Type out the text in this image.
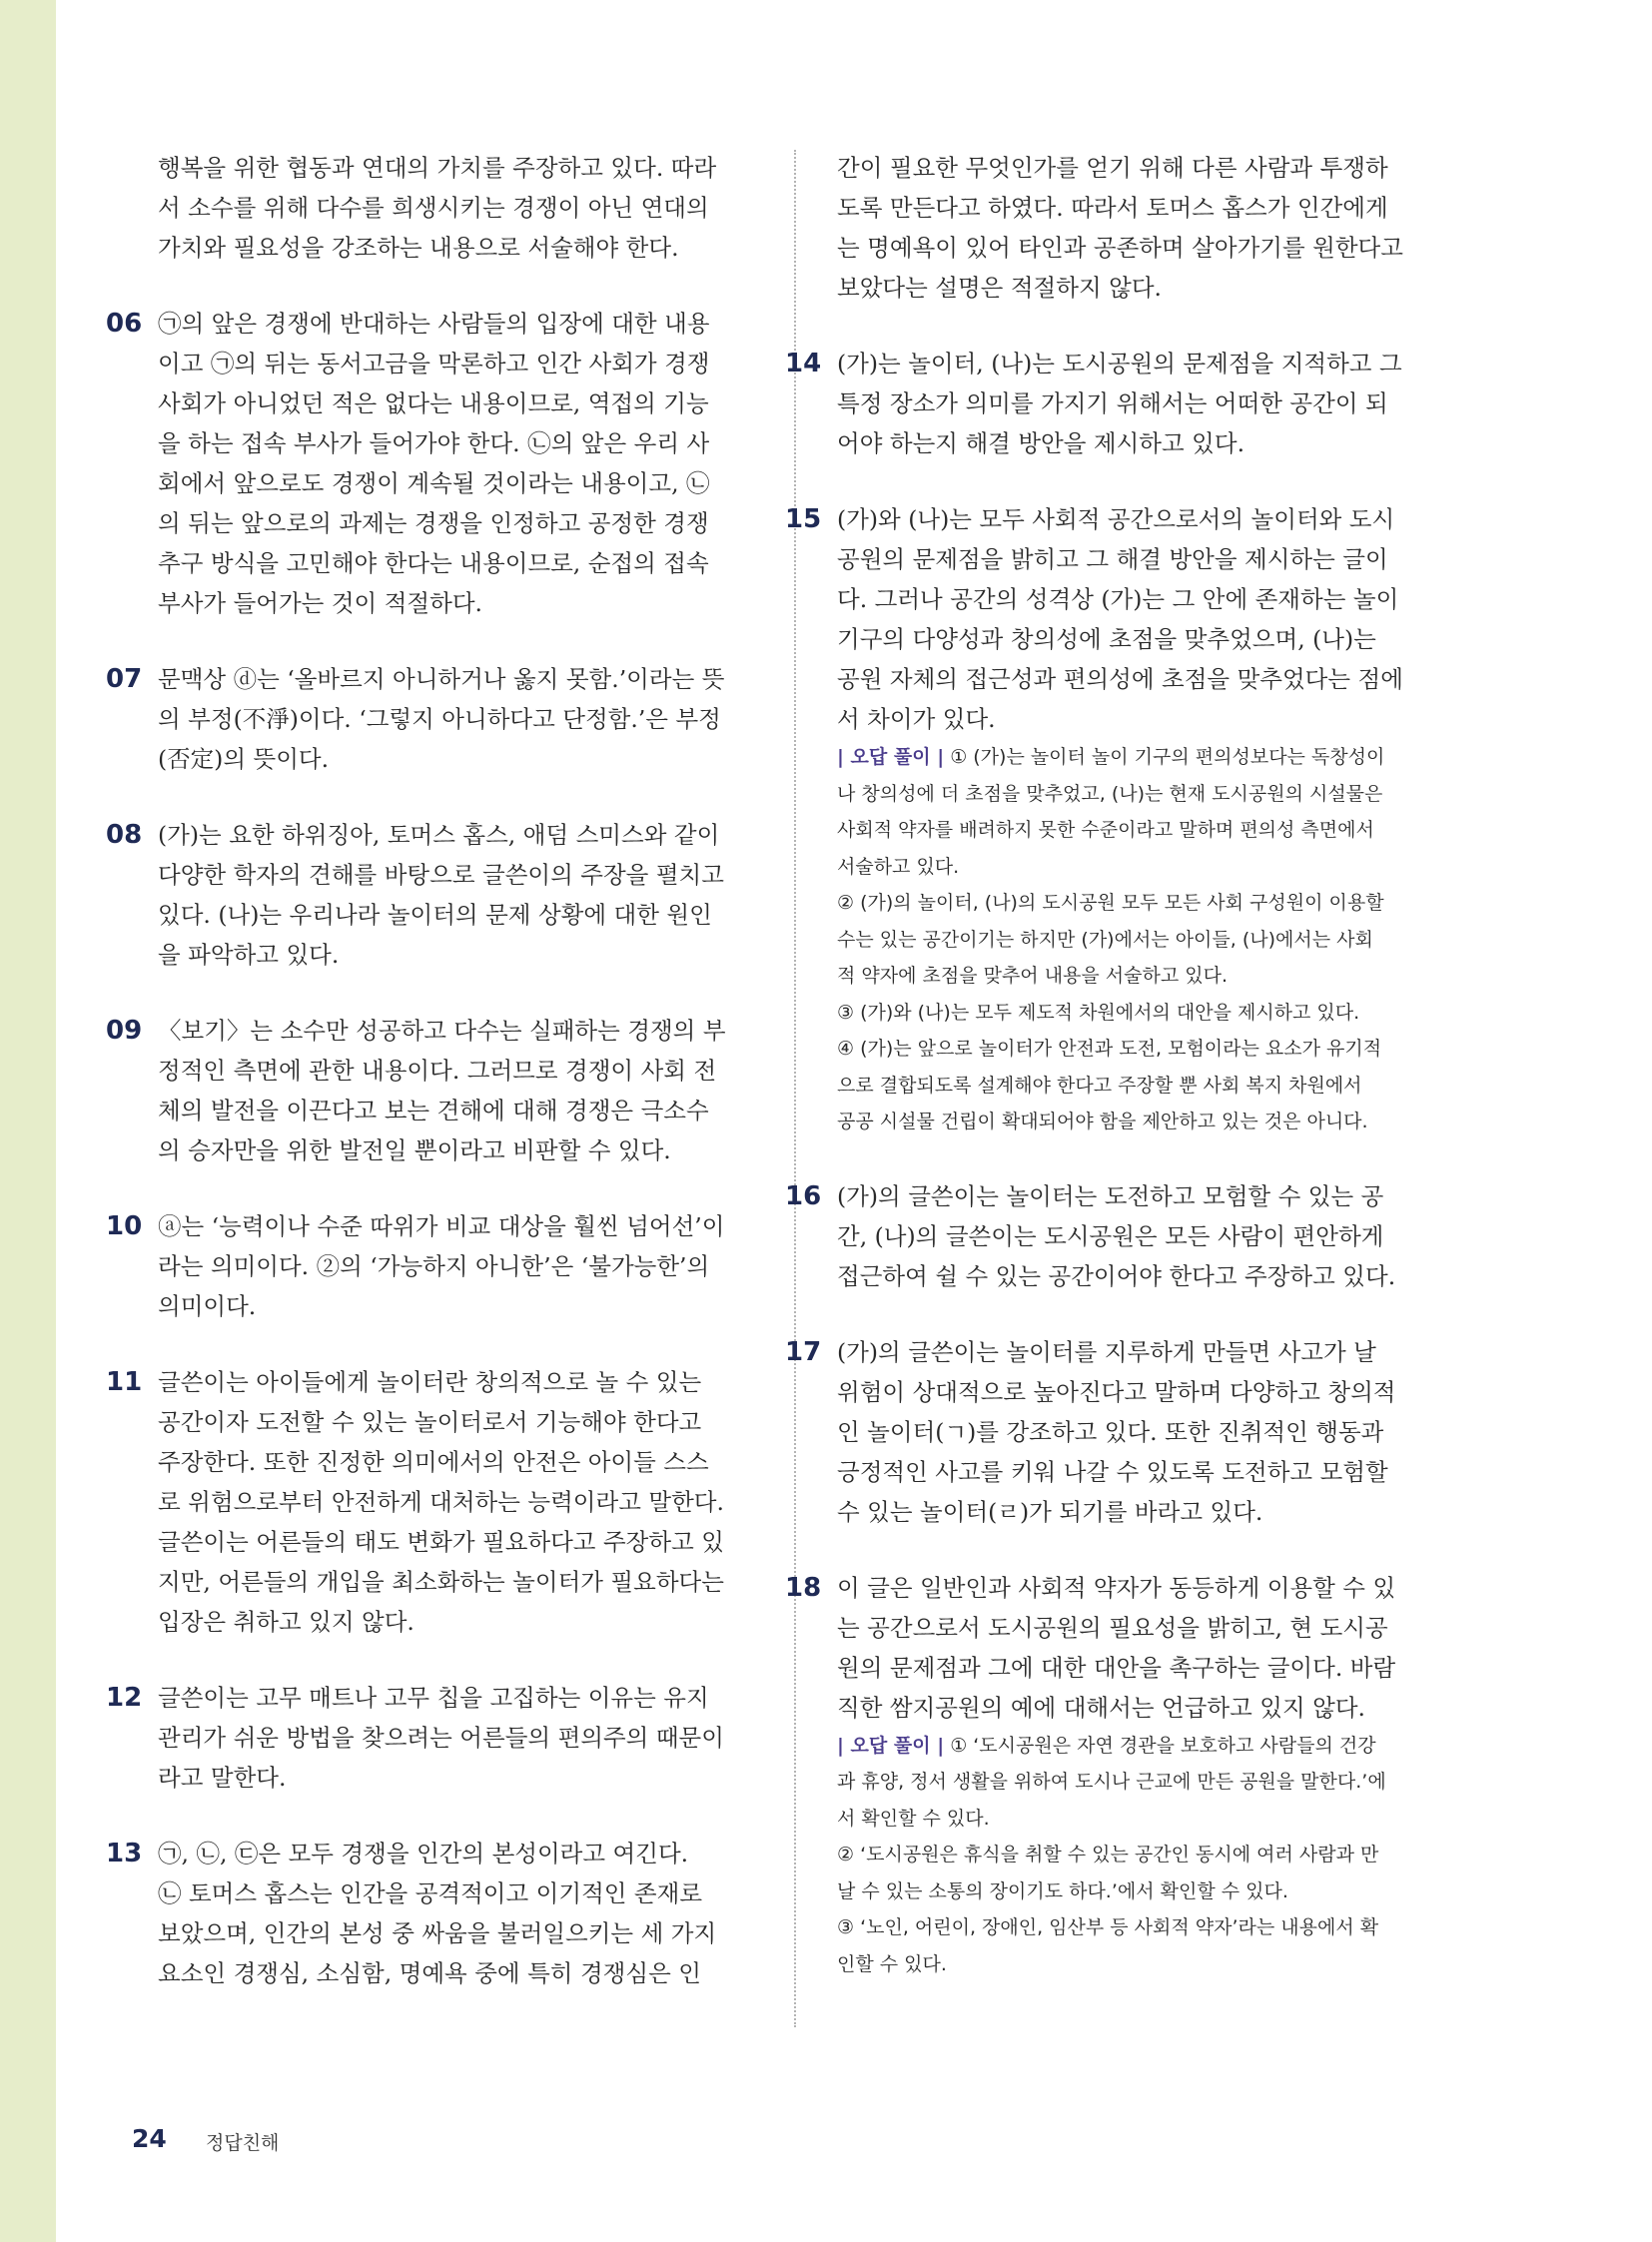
행복을 위한 협동과 연대의 가치를 주장하고 있다. 따라
서 소수를 위해 다수를 희생시키는 경쟁이 아닌 연대의
가치와 필요성을 강조하는 내용으로 서술해야 한다.
06 ㉠의 앞은 경쟁에 반대하는 사람들의 입장에 대한 내용
이고 ㉠의 뒤는 동서고금을 막론하고 인간 사회가 경쟁
사회가 아니었던 적은 없다는 내용이므로, 역접의 기능
을 하는 접속 부사가 들어가야 한다. ㉡의 앞은 우리 사
회에서 앞으로도 경쟁이 계속될 것이라는 내용이고, ㉡
의 뒤는 앞으로의 과제는 경쟁을 인정하고 공정한 경쟁
추구 방식을 고민해야 한다는 내용이므로, 순접의 접속
부사가 들어가는 것이 적절하다.
07 문맥상 ⓓ는 ‘올바르지 아니하거나 옳지 못함.’이라는 뜻
의 부정(不淨)이다. ‘그렇지 아니하다고 단정함.’은 부정
(否定)의 뜻이다.
08 (가)는 요한 하위징아, 토머스 홉스, 애덤 스미스와 같이
다양한 학자의 견해를 바탕으로 글쓴이의 주장을 펼치고
있다. (나)는 우리나라 놀이터의 문제 상황에 대한 원인
을 파악하고 있다.
09 〈보기〉는 소수만 성공하고 다수는 실패하는 경쟁의 부
정적인 측면에 관한 내용이다. 그러므로 경쟁이 사회 전
체의 발전을 이끈다고 보는 견해에 대해 경쟁은 극소수
의 승자만을 위한 발전일 뿐이라고 비판할 수 있다.
10 ⓐ는 ‘능력이나 수준 따위가 비교 대상을 훨씬 넘어선’이
라는 의미이다. ②의 ‘가능하지 아니한’은 ‘불가능한’의
의미이다.
11 글쓴이는 아이들에게 놀이터란 창의적으로 놀 수 있는
공간이자 도전할 수 있는 놀이터로서 기능해야 한다고
주장한다. 또한 진정한 의미에서의 안전은 아이들 스스
로 위험으로부터 안전하게 대처하는 능력이라고 말한다.
글쓴이는 어른들의 태도 변화가 필요하다고 주장하고 있
지만, 어른들의 개입을 최소화하는 놀이터가 필요하다는
입장은 취하고 있지 않다.
12 글쓴이는 고무 매트나 고무 칩을 고집하는 이유는 유지
관리가 쉬운 방법을 찾으려는 어른들의 편의주의 때문이
라고 말한다.
13 ㉠, ㉡, ㉢은 모두 경쟁을 인간의 본성이라고 여긴다.
㉡ 토머스 홉스는 인간을 공격적이고 이기적인 존재로
보았으며, 인간의 본성 중 싸움을 불러일으키는 세 가지
요소인 경쟁심, 소심함, 명예욕 중에 특히 경쟁심은 인
간이 필요한 무엇인가를 얻기 위해 다른 사람과 투쟁하
도록 만든다고 하였다. 따라서 토머스 홉스가 인간에게
는 명예욕이 있어 타인과 공존하며 살아가기를 원한다고
보았다는 설명은 적절하지 않다.
14 (가)는 놀이터, (나)는 도시공원의 문제점을 지적하고 그
특정 장소가 의미를 가지기 위해서는 어떠한 공간이 되
어야 하는지 해결 방안을 제시하고 있다.
15 (가)와 (나)는 모두 사회적 공간으로서의 놀이터와 도시
공원의 문제점을 밝히고 그 해결 방안을 제시하는 글이
다. 그러나 공간의 성격상 (가)는 그 안에 존재하는 놀이
기구의 다양성과 창의성에 초점을 맞추었으며, (나)는
공원 자체의 접근성과 편의성에 초점을 맞추었다는 점에
서 차이가 있다.
| 오답 풀이 | ① (가)는 놀이터 놀이 기구의 편의성보다는 독창성이
나 창의성에 더 초점을 맞추었고, (나)는 현재 도시공원의 시설물은
사회적 약자를 배려하지 못한 수준이라고 말하며 편의성 측면에서
서술하고 있다.
② (가)의 놀이터, (나)의 도시공원 모두 모든 사회 구성원이 이용할
수는 있는 공간이기는 하지만 (가)에서는 아이들, (나)에서는 사회
적 약자에 초점을 맞추어 내용을 서술하고 있다.
③ (가)와 (나)는 모두 제도적 차원에서의 대안을 제시하고 있다.
④ (가)는 앞으로 놀이터가 안전과 도전, 모험이라는 요소가 유기적
으로 결합되도록 설계해야 한다고 주장할 뿐 사회 복지 차원에서
공공 시설물 건립이 확대되어야 함을 제안하고 있는 것은 아니다.
16 (가)의 글쓴이는 놀이터는 도전하고 모험할 수 있는 공
간, (나)의 글쓴이는 도시공원은 모든 사람이 편안하게
접근하여 쉴 수 있는 공간이어야 한다고 주장하고 있다.
17 (가)의 글쓴이는 놀이터를 지루하게 만들면 사고가 날
위험이 상대적으로 높아진다고 말하며 다양하고 창의적
인 놀이터(ㄱ)를 강조하고 있다. 또한 진취적인 행동과
긍정적인 사고를 키워 나갈 수 있도록 도전하고 모험할
수 있는 놀이터(ㄹ)가 되기를 바라고 있다.
18 이 글은 일반인과 사회적 약자가 동등하게 이용할 수 있
는 공간으로서 도시공원의 필요성을 밝히고, 현 도시공
원의 문제점과 그에 대한 대안을 촉구하는 글이다. 바람
직한 쌈지공원의 예에 대해서는 언급하고 있지 않다.
| 오답 풀이 | ① ‘도시공원은 자연 경관을 보호하고 사람들의 건강
과 휴양, 정서 생활을 위하여 도시나 근교에 만든 공원을 말한다.’에
서 확인할 수 있다.
② ‘도시공원은 휴식을 취할 수 있는 공간인 동시에 여러 사람과 만
날 수 있는 소통의 장이기도 하다.’에서 확인할 수 있다.
③ ‘노인, 어린이, 장애인, 임산부 등 사회적 약자’라는 내용에서 확
인할 수 있다.
24 정답친해
